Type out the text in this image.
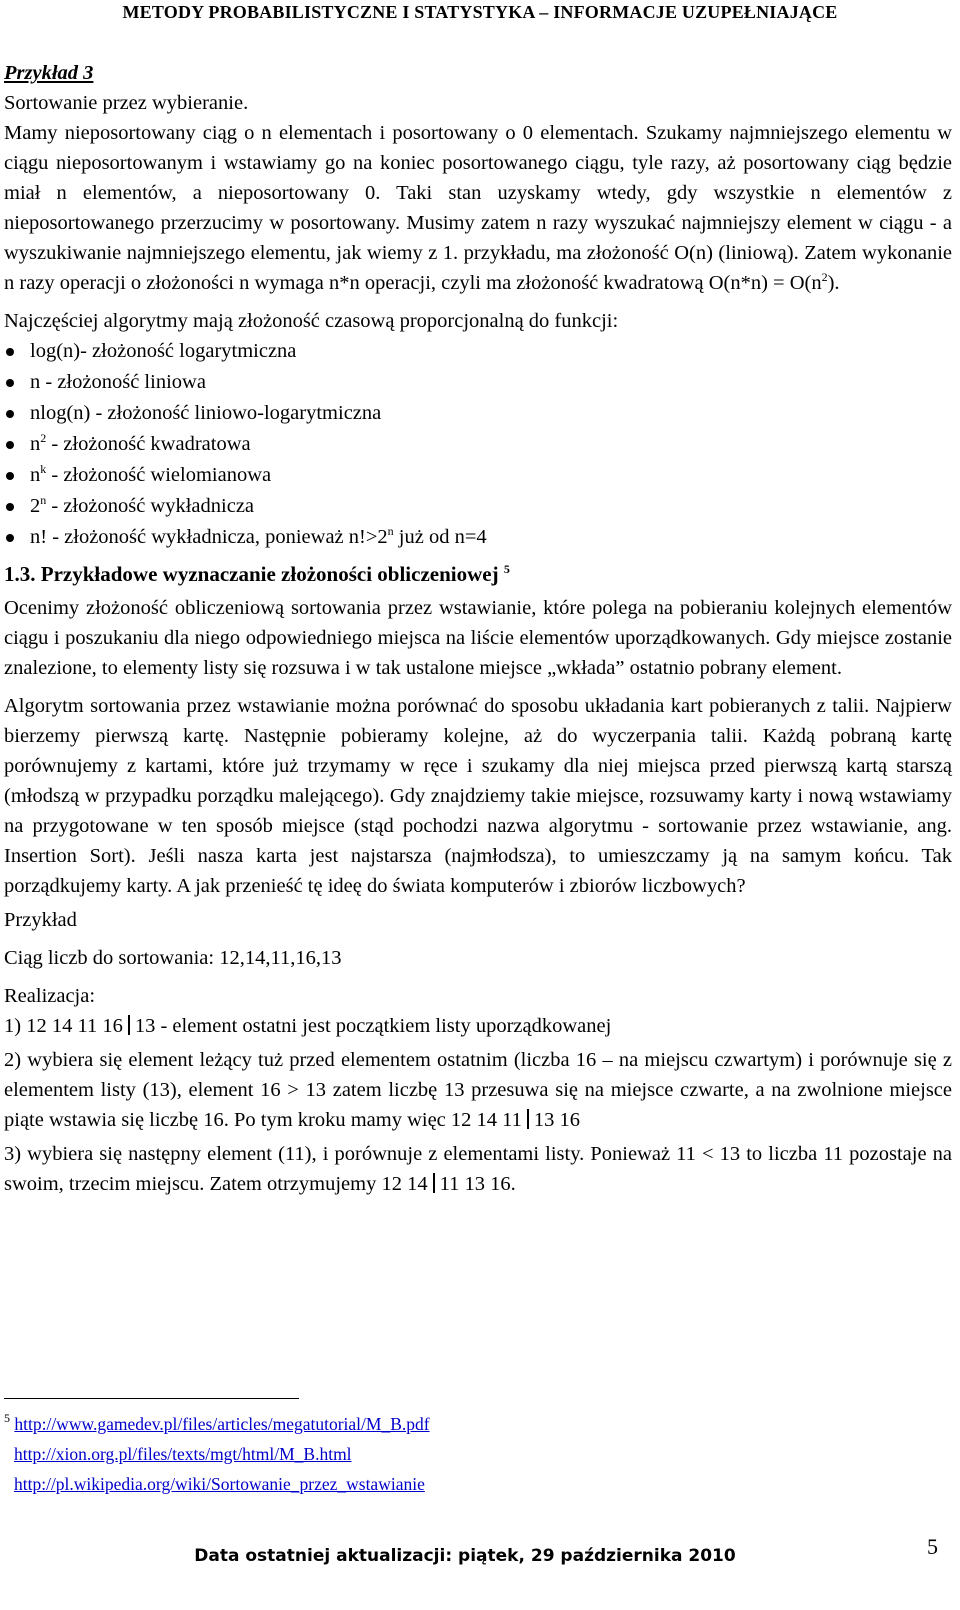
METODY PROBABILISTYCZNE I STATYSTYKA – INFORMACJE UZUPEŁNIAJĄCE

Przykład 3

Sortowanie przez wybieranie.

Mamy nieposortowany ciąg o n elementach i posortowany o 0 elementach. Szukamy najmniejszego elementu w ciągu nieposortowanym i wstawiamy go na koniec posortowanego ciągu, tyle razy, aż posortowany ciąg będzie miał n elementów, a nieposortowany 0. Taki stan uzyskamy wtedy, gdy wszystkie n elementów z nieposortowanego przerzucimy w posortowany. Musimy zatem n razy wyszukać najmniejszy element w ciągu - a wyszukiwanie najmniejszego elementu, jak wiemy z 1. przykładu, ma złożoność O(n) (liniową). Zatem wykonanie n razy operacji o złożoności n wymaga n*n operacji, czyli ma złożoność kwadratową $O(n*n) = O(n^2)$.

Najczęściej algorytmy mają złożoność czasową proporcjonalną do funkcji:

log(n)- złożoność logarytmiczna
n - złożoność liniowa
nlog(n) - złożoność liniowo-logarytmiczna
$n^2$ - złożoność kwadratowa
$n^k$ - złożoność wielomianowa
2$^n$ - złożoność wykładnicza
n! - złożoność wykładnicza, ponieważ $n!>2^n$ już od n=4

1.3. Przykładowe wyznaczanie złożoności obliczeniowej $^5$

Ocenimy złożoność obliczeniową sortowania przez wstawianie, które polega na pobieraniu kolejnych elementów ciągu i poszukaniu dla niego odpowiedniego miejsca na liście elementów uporządkowanych. Gdy miejsce zostanie znalezione, to elementy listy się rozsuwa i w tak ustalone miejsce „wkłada” ostatnio pobrany element.

Algorytm sortowania przez wstawianie można porównać do sposobu układania kart pobieranych z talii. Najpierw bierzemy pierwszą kartę. Następnie pobieramy kolejne, aż do wyczerpania talii. Każdą pobraną kartę porównujemy z kartami, które już trzymamy w ręce i szukamy dla niej miejsca przed pierwszą kartą starszą (młodszą w przypadku porządku malejącego). Gdy znajdziemy takie miejsce, rozsuwamy karty i nową wstawiamy na przygotowane w ten sposób miejsce (stąd pochodzi nazwa algorytmu - sortowanie przez wstawianie, ang. Insertion Sort). Jeśli nasza karta jest najstarsza (najmłodsza), to umieszczamy ją na samym końcu. Tak porządkujemy karty. A jak przenieść tę ideę do świata komputerów i zbiorów liczbowych?

Przykład

Ciąg liczb do sortowania: 12,14,11,16,13

Realizacja:

1) 12 14 11 16 13 - element ostatni jest początkiem listy uporządkowanej

2) wybiera się element leżący tuż przed elementem ostatnim (liczba 16 – na miejscu czwartym) i porównuje się z elementem listy (13), element 16 > 13 zatem liczbę 13 przesuwa się na miejsce czwarte, a na zwolnione miejsce piąte wstawia się liczbę 16. Po tym kroku mamy więc 12 14 11 13 16

3) wybiera się następny element (11), i porównuje z elementami listy. Ponieważ 11 < 13 to liczba 11 pozostaje na swoim, trzecim miejscu. Zatem otrzymujemy 12 14 11 13 16.

$^5$ http://www.gamedev.pl/files/articles/megatutorial/M_B.pdf
http://xion.org.pl/files/texts/mgt/html/M_B.html
http://pl.wikipedia.org/wiki/Sortowanie_przez_wstawianie
Data ostatniej aktualizacji: piątek, 29 października 2010	5
